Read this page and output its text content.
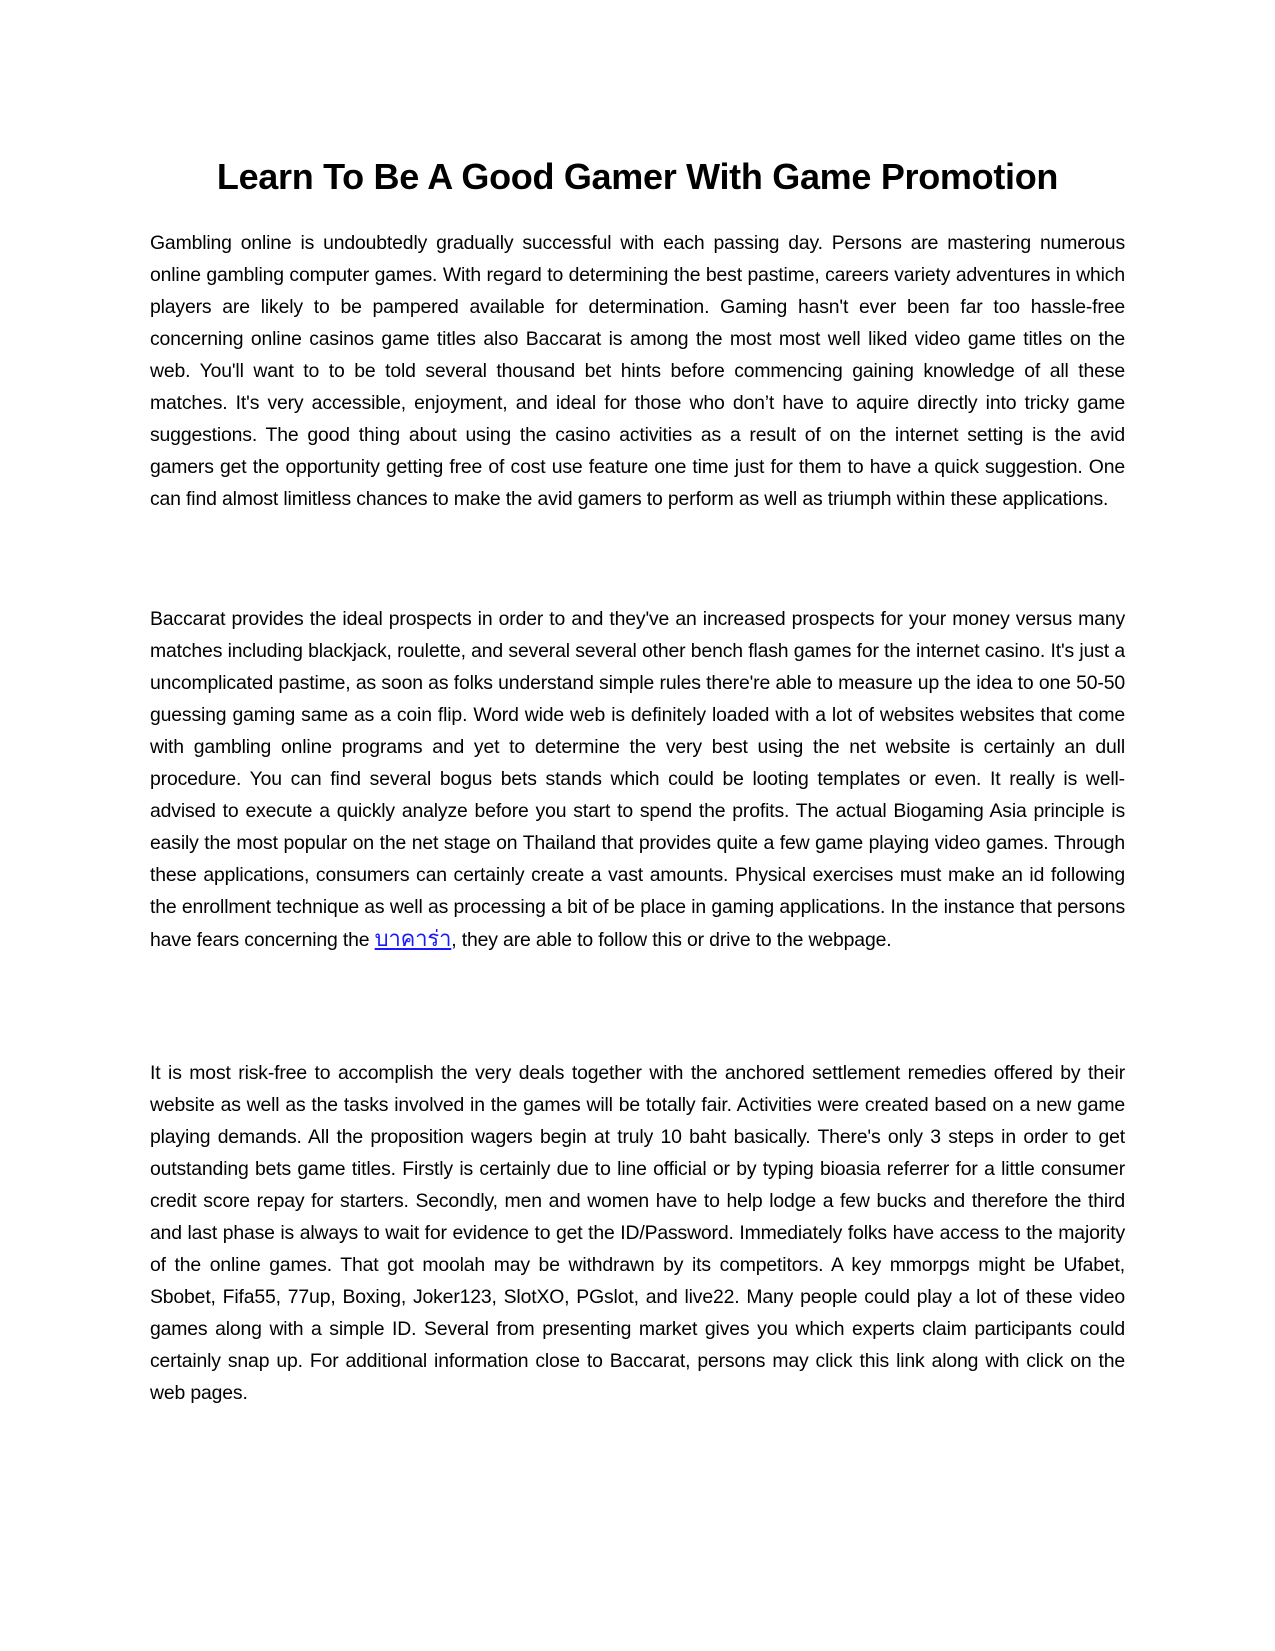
Learn To Be A Good Gamer With Game Promotion

Gambling online is undoubtedly gradually successful with each passing day. Persons are mastering numerous online gambling computer games. With regard to determining the best pastime, careers variety adventures in which players are likely to be pampered available for determination. Gaming hasn't ever been far too hassle-free concerning online casinos game titles also Baccarat is among the most most well liked video game titles on the web. You'll want to to be told several thousand bet hints before commencing gaining knowledge of all these matches. It's very accessible, enjoyment, and ideal for those who don’t have to aquire directly into tricky game suggestions. The good thing about using the casino activities as a result of on the internet setting is the avid gamers get the opportunity getting free of cost use feature one time just for them to have a quick suggestion. One can find almost limitless chances to make the avid gamers to perform as well as triumph within these applications.

Baccarat provides the ideal prospects in order to and they've an increased prospects for your money versus many matches including blackjack, roulette, and several several other bench flash games for the internet casino. It's just a uncomplicated pastime, as soon as folks understand simple rules there're able to measure up the idea to one 50-50 guessing gaming same as a coin flip. Word wide web is definitely loaded with a lot of websites websites that come with gambling online programs and yet to determine the very best using the net website is certainly an dull procedure. You can find several bogus bets stands which could be looting templates or even. It really is well-advised to execute a quickly analyze before you start to spend the profits. The actual Biogaming Asia principle is easily the most popular on the net stage on Thailand that provides quite a few game playing video games. Through these applications, consumers can certainly create a vast amounts. Physical exercises must make an id following the enrollment technique as well as processing a bit of be place in gaming applications. In the instance that persons have fears concerning the บาคาร่า, they are able to follow this or drive to the webpage.

It is most risk-free to accomplish the very deals together with the anchored settlement remedies offered by their website as well as the tasks involved in the games will be totally fair. Activities were created based on a new game playing demands. All the proposition wagers begin at truly 10 baht basically. There's only 3 steps in order to get outstanding bets game titles. Firstly is certainly due to line official or by typing bioasia referrer for a little consumer credit score repay for starters. Secondly, men and women have to help lodge a few bucks and therefore the third and last phase is always to wait for evidence to get the ID/Password. Immediately folks have access to the majority of the online games. That got moolah may be withdrawn by its competitors. A key mmorpgs might be Ufabet, Sbobet, Fifa55, 77up, Boxing, Joker123, SlotXO, PGslot, and live22. Many people could play a lot of these video games along with a simple ID. Several from presenting market gives you which experts claim participants could certainly snap up. For additional information close to Baccarat, persons may click this link along with click on the web pages.
